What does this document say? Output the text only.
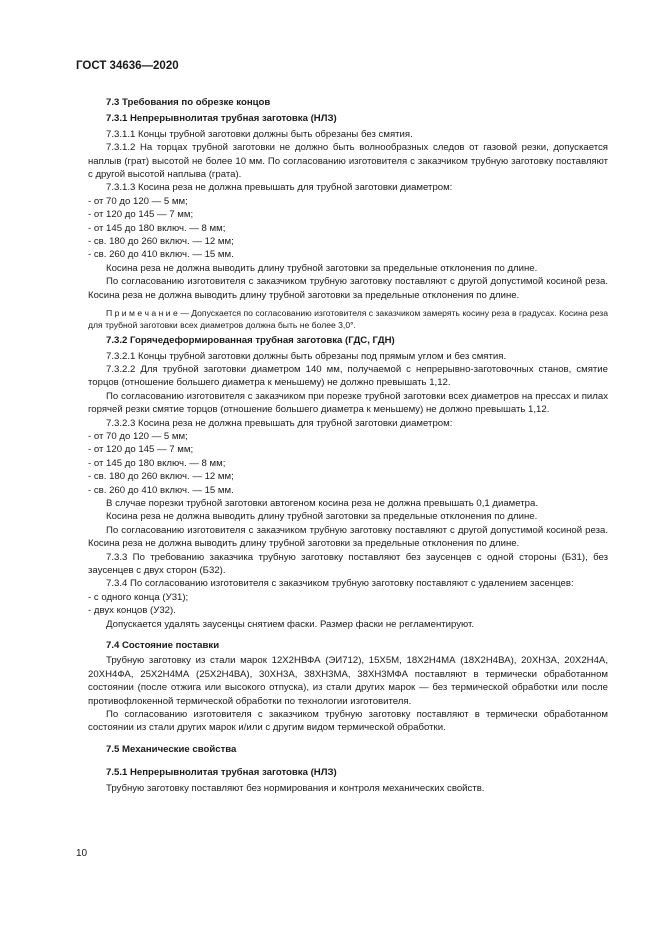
ГОСТ 34636—2020

7.3 Требования по обрезке концов

7.3.1 Непрерывнолитая трубная заготовка (НЛЗ)

7.3.1.1 Концы трубной заготовки должны быть обрезаны без смятия.

7.3.1.2 На торцах трубной заготовки не должно быть волнообразных следов от газовой резки, допускается наплыв (грат) высотой не более 10 мм. По согласованию изготовителя с заказчиком трубную заготовку поставляют с другой высотой наплыва (грата).

7.3.1.3 Косина реза не должна превышать для трубной заготовки диаметром:

- от 70 до 120 — 5 мм;

- от 120 до 145 — 7 мм;

- от 145 до 180 включ. — 8 мм;

- св. 180 до 260 включ. — 12 мм;

- св. 260 до 410 включ. — 15 мм.

Косина реза не должна выводить длину трубной заготовки за предельные отклонения по длине.

По согласованию изготовителя с заказчиком трубную заготовку поставляют с другой допустимой косиной реза. Косина реза не должна выводить длину трубной заготовки за предельные отклонения по длине.

П р и м е ч а н и е — Допускается по согласованию изготовителя с заказчиком замерять косину реза в градусах. Косина реза для трубной заготовки всех диаметров должна быть не более 3,0°.

7.3.2 Горячедеформированная трубная заготовка (ГДС, ГДН)

7.3.2.1 Концы трубной заготовки должны быть обрезаны под прямым углом и без смятия.

7.3.2.2 Для трубной заготовки диаметром 140 мм, получаемой с непрерывно-заготовочных станов, смятие торцов (отношение большего диаметра к меньшему) не должно превышать 1,12.

По согласованию изготовителя с заказчиком при порезке трубной заготовки всех диаметров на прессах и пилах горячей резки смятие торцов (отношение большего диаметра к меньшему) не должно превышать 1,12.

7.3.2.3 Косина реза не должна превышать для трубной заготовки диаметром:

- от 70 до 120 — 5 мм;

- от 120 до 145 — 7 мм;

- от 145 до 180 включ. — 8 мм;

- св. 180 до 260 включ. — 12 мм;

- св. 260 до 410 включ. — 15 мм.

В случае порезки трубной заготовки автогеном косина реза не должна превышать 0,1 диаметра.

Косина реза не должна выводить длину трубной заготовки за предельные отклонения по длине.

По согласованию изготовителя с заказчиком трубную заготовку поставляют с другой допустимой косиной реза. Косина реза не должна выводить длину трубной заготовки за предельные отклонения по длине.

7.3.3 По требованию заказчика трубную заготовку поставляют без заусенцев с одной стороны (Б31), без заусенцев с двух сторон (Б32).

7.3.4 По согласованию изготовителя с заказчиком трубную заготовку поставляют с удалением засенцев:

- с одного конца (У31);

- двух концов (У32).

Допускается удалять заусенцы снятием фаски. Размер фаски не регламентируют.

7.4 Состояние поставки

Трубную заготовку из стали марок 12Х2НВФА (ЭИ712), 15Х5М, 18Х2Н4МА (18Х2Н4ВА), 20ХН3А, 20Х2Н4А, 20ХН4ФА, 25Х2Н4МА (25Х2Н4ВА), 30ХН3А, 38ХН3МА, 38ХН3МФА поставляют в термически обработанном состоянии (после отжига или высокого отпуска), из стали других марок — без термической обработки или после противофлокенной термической обработки по технологии изготовителя.

По согласованию изготовителя с заказчиком трубную заготовку поставляют в термически обработанном состоянии из стали других марок и/или с другим видом термической обработки.

7.5 Механические свойства

7.5.1 Непрерывнолитая трубная заготовка (НЛЗ)

Трубную заготовку поставляют без нормирования и контроля механических свойств.

10
